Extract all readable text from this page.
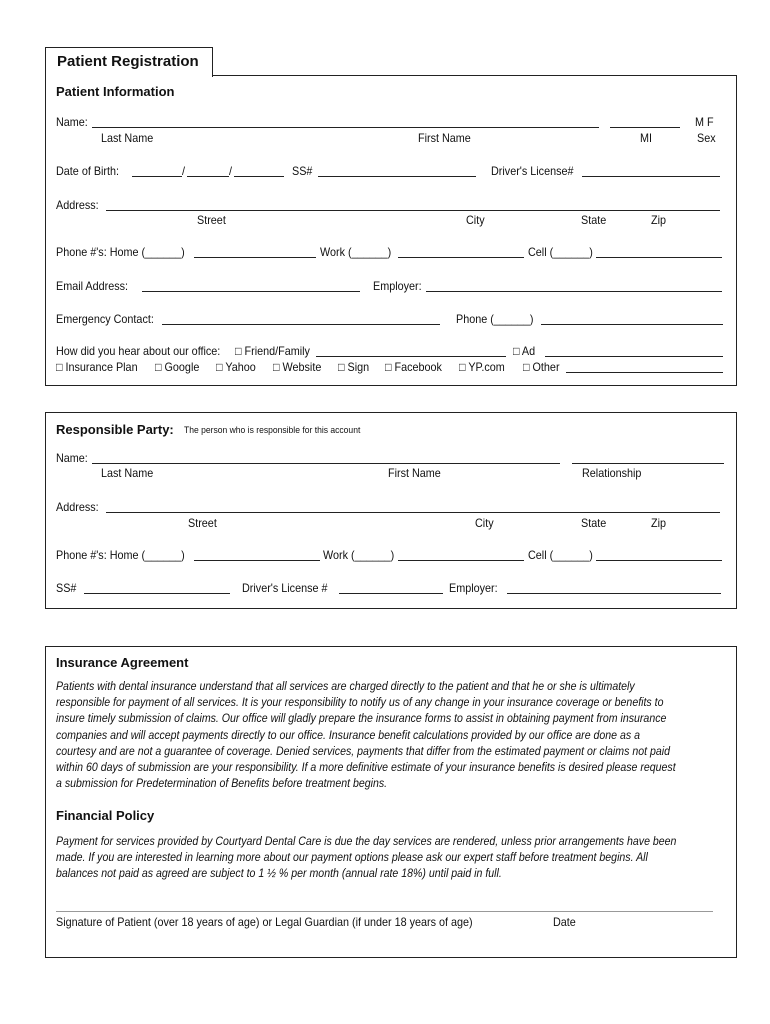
Patient Registration
Patient Information
Name:	M F
Last Name	First Name	MI	Sex
Date of Birth:	/	/	SS#	Driver's License#
Address:
Street	City	State	Zip
Phone #'s: Home (______)	Work (______)	Cell (______)
Email Address:	Employer:
Emergency Contact:	Phone (______)
How did you hear about our office: □ Friend/Family	□ Ad
□ Insurance Plan □ Google □ Yahoo □ Website □ Sign □ Facebook □ YP.com □ Other
Responsible Party: The person who is responsible for this account
Name:
Last Name	First Name	Relationship
Address:
Street	City	State	Zip
Phone #'s: Home (______)	Work (______)	Cell (______)
SS#	Driver's License #	Employer:
Insurance Agreement
Patients with dental insurance understand that all services are charged directly to the patient and that he or she is ultimately
responsible for payment of all services. It is your responsibility to notify us of any change in your insurance coverage or benefits to
insure timely submission of claims. Our office will gladly prepare the insurance forms to assist in obtaining payment from insurance
companies and will accept payments directly to our office. Insurance benefit calculations provided by our office are done as a
courtesy and are not a guarantee of coverage. Denied services, payments that differ from the estimated payment or claims not paid
within 60 days of submission are your responsibility. If a more definitive estimate of your insurance benefits is desired please request
a submission for Predetermination of Benefits before treatment begins.
Financial Policy
Payment for services provided by Courtyard Dental Care is due the day services are rendered, unless prior arrangements have been
made. If you are interested in learning more about our payment options please ask our expert staff before treatment begins. All
balances not paid as agreed are subject to 1 ½ % per month (annual rate 18%) until paid in full.
Signature of Patient (over 18 years of age) or Legal Guardian (if under 18 years of age)	Date
